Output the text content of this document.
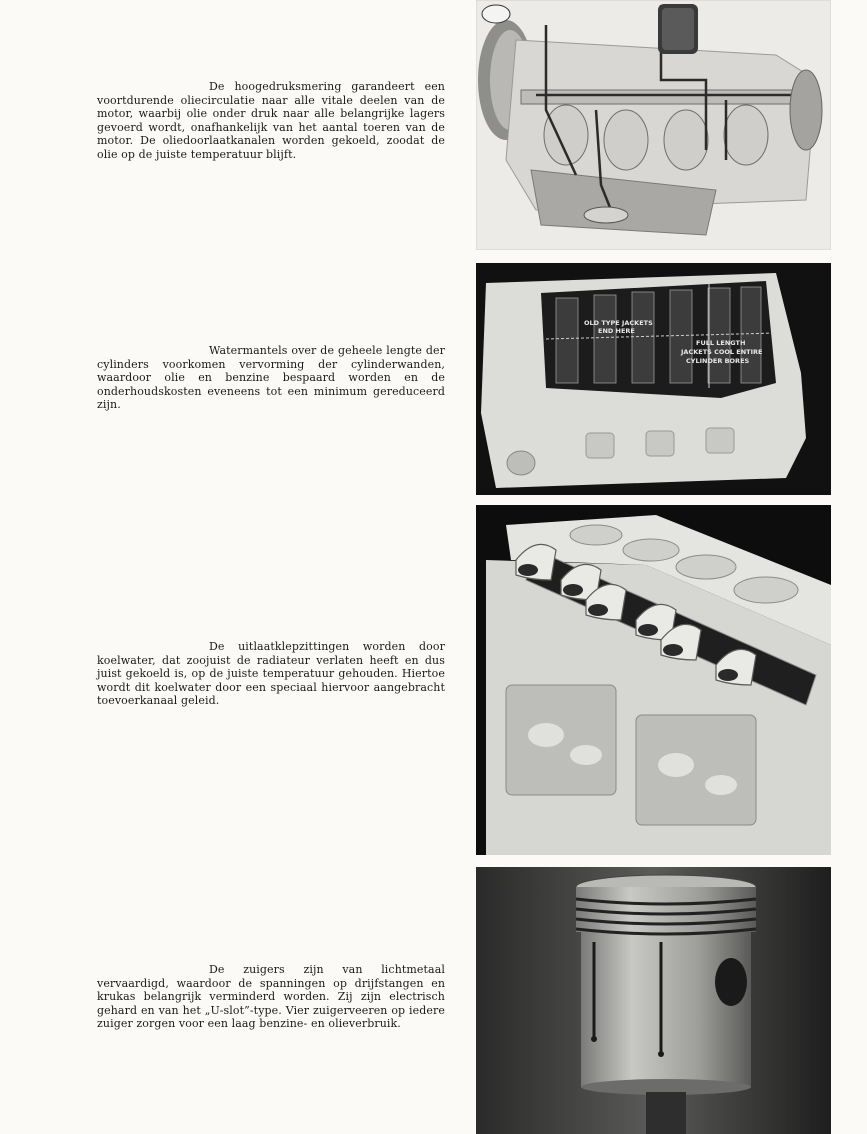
De hoogedruksmering garandeert een voortdurende oliecirculatie naar alle vitale deelen van de motor, waarbij olie onder druk naar alle belangrijke lagers gevoerd wordt, onafhankelijk van het aantal toeren van de motor. De oliedoorlaatkanalen worden gekoeld, zoodat de olie op de juiste temperatuur blijft.

Watermantels over de geheele lengte der cylinders voorkomen vervorming der cylinderwanden, waardoor olie en benzine bespaard worden en de onderhoudskosten eveneens tot een minimum gereduceerd zijn.

OLD TYPE JACKETS
END HERE
FULL LENGTH
JACKETS COOL ENTIRE
CYLINDER BORES

De uitlaatklepzittingen worden door koelwater, dat zoojuist de radiateur verlaten heeft en dus juist gekoeld is, op de juiste temperatuur gehouden. Hiertoe wordt dit koelwater door een speciaal hiervoor aangebracht toevoerkanaal geleid.

De zuigers zijn van lichtmetaal vervaardigd, waardoor de spanningen op drijfstangen en krukas belangrijk verminderd worden. Zij zijn electrisch gehard en van het „U-slot”-type. Vier zuigerveeren op iedere zuiger zorgen voor een laag benzine- en olieverbruik.
